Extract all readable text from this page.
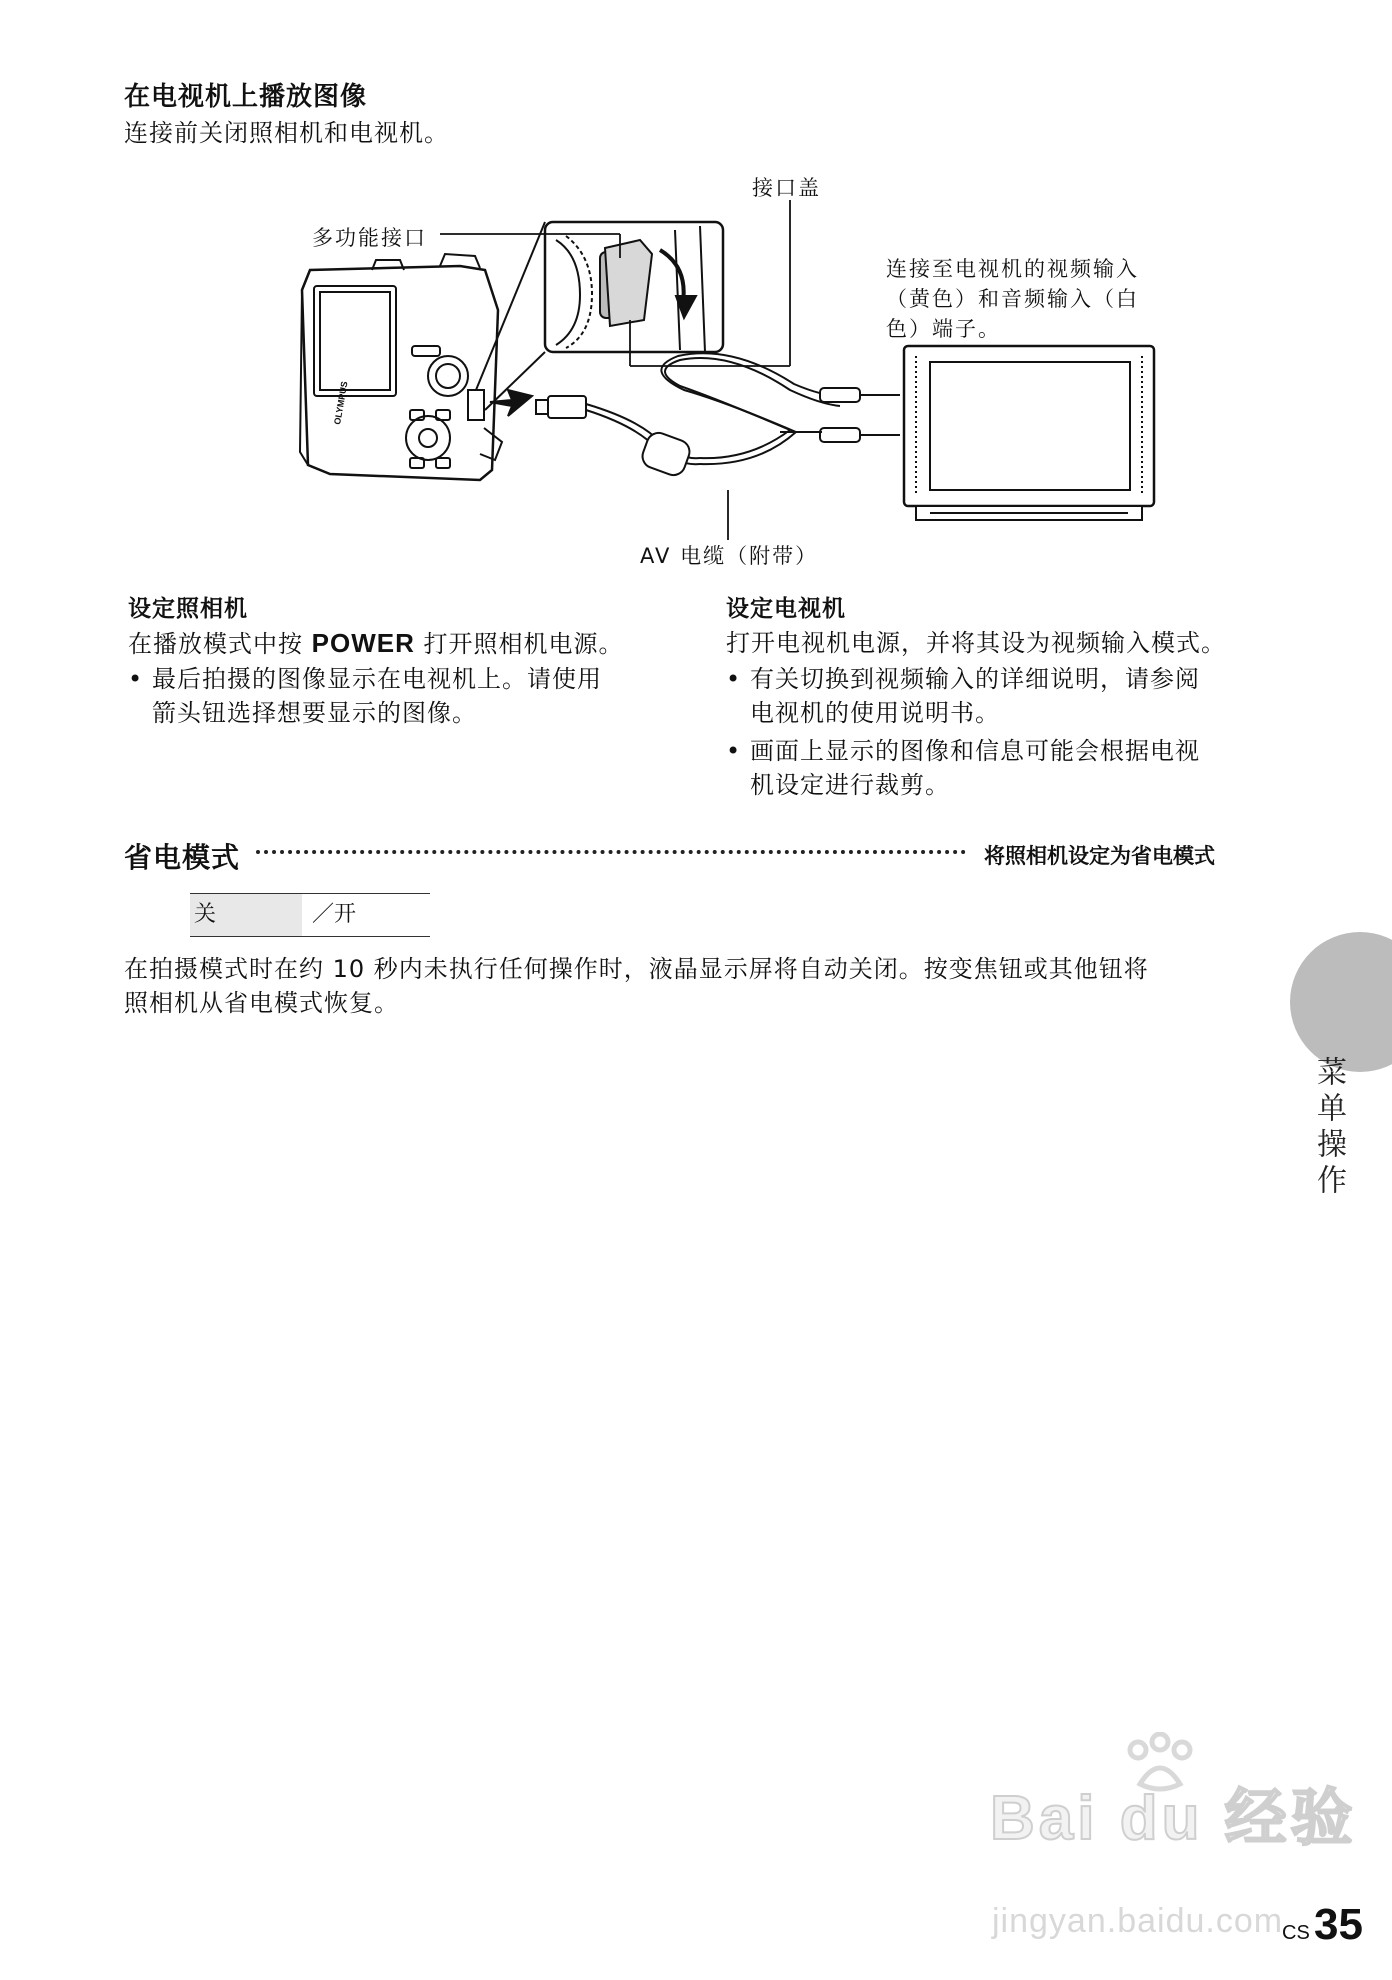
在电视机上播放图像
连接前关闭照相机和电视机。
OLYMPUS
接口盖
多功能接口
连接至电视机的视频输入
（黄色）和音频输入（白
色）端子。
AV 电缆（附带）
设定照相机
在播放模式中按 POWER 打开照相机电源。
• 最后拍摄的图像显示在电视机上。请使用
箭头钮选择想要显示的图像。
设定电视机
打开电视机电源，并将其设为视频输入模式。
• 有关切换到视频输入的详细说明，请参阅
电视机的使用说明书。
• 画面上显示的图像和信息可能会根据电视
机设定进行裁剪。
省电模式	将照相机设定为省电模式
关	／开
在拍摄模式时在约 10 秒内未执行任何操作时，液晶显示屏将自动关闭。按变焦钮或其他钮将
照相机从省电模式恢复。
菜单操作
Bai du 经验
jingyan.baidu.com
CS 35
